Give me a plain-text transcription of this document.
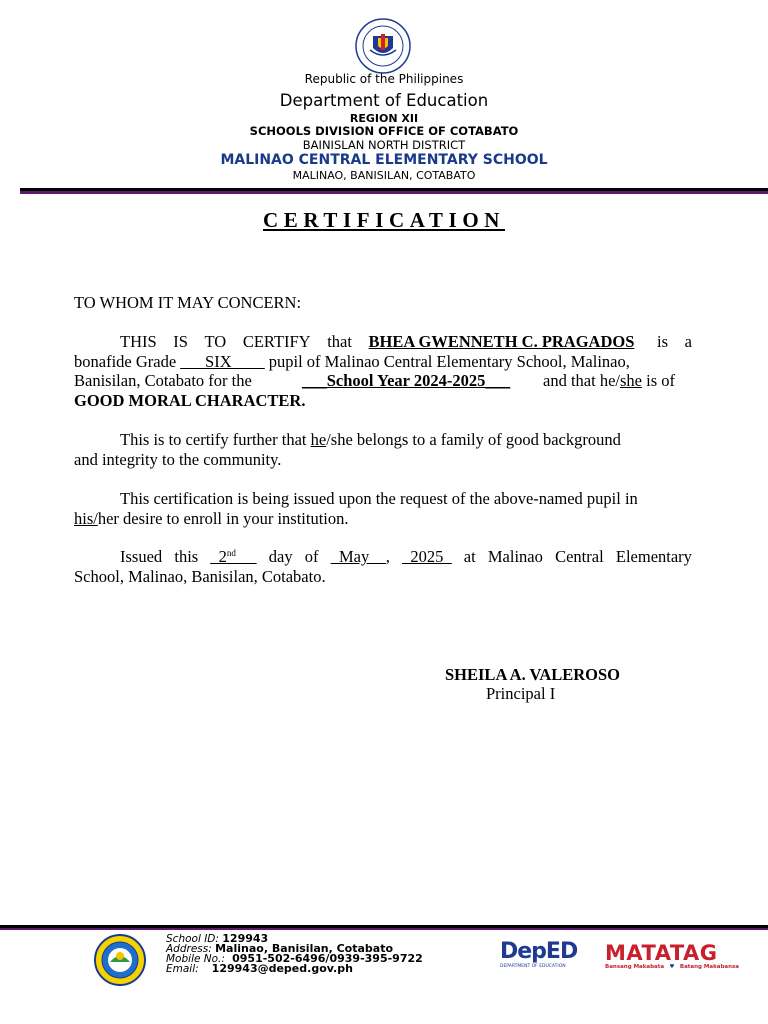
Republic of the Philippines
Department of Education
REGION XII
SCHOOLS DIVISION OFFICE OF COTABATO
BAINISLAN NORTH DISTRICT
MALINAO CENTRAL ELEMENTARY SCHOOL
MALINAO, BANISILAN, COTABATO
CERTIFICATION
TO WHOM IT MAY CONCERN:
THIS IS TO CERTIFY that BHEA GWENNETH C. PRAGADOS	is a
bonafide Grade ___SIX____ pupil of Malinao Central Elementary School, Malinao,
Banisilan, Cotabato for the	___School Year 2024-2025___ and that he/she is of
GOOD MORAL CHARACTER.
This is to certify further that he /she belongs to a family of good background
and integrity to the community.
This certification is being issued upon the request of the above-named pupil in
his/her desire to enroll in your institution.
Issued this _2nd __ day of _May__, _2025_ at Malinao Central Elementary
School, Malinao, Banisilan, Cotabato.
SHEILA A. VALEROSO
Principal I
School ID: 129943
Address: Malinao, Banisilan, Cotabato
Mobile No.:  0951-502-6496/0939-395-9722
Email: 129943@deped.gov.ph
DepED
DEPARTMENT OF EDUCATION
MATATAG
Bansang Makabata ♥ Batang Makabansa
